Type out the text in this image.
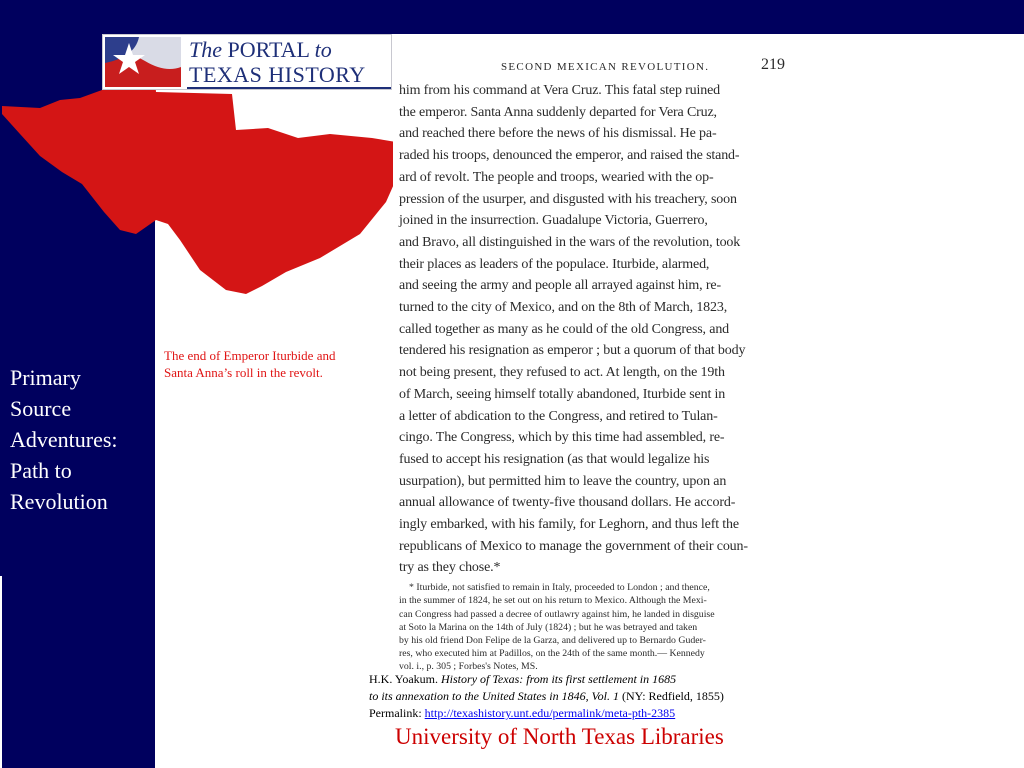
The PORTAL to
TEXAS HISTORY
Primary
Source
Adventures:
Path to
Revolution
The end of Emperor Iturbide and
Santa Anna’s roll in the revolt.
SECOND MEXICAN REVOLUTION.	219
him from his command at Vera Cruz. This fatal step ruined
the emperor. Santa Anna suddenly departed for Vera Cruz,
and reached there before the news of his dismissal. He pa-
raded his troops, denounced the emperor, and raised the stand-
ard of revolt. The people and troops, wearied with the op-
pression of the usurper, and disgusted with his treachery, soon
joined in the insurrection. Guadalupe Victoria, Guerrero,
and Bravo, all distinguished in the wars of the revolution, took
their places as leaders of the populace. Iturbide, alarmed,
and seeing the army and people all arrayed against him, re-
turned to the city of Mexico, and on the 8th of March, 1823,
called together as many as he could of the old Congress, and
tendered his resignation as emperor ; but a quorum of that body
not being present, they refused to act. At length, on the 19th
of March, seeing himself totally abandoned, Iturbide sent in
a letter of abdication to the Congress, and retired to Tulan-
cingo. The Congress, which by this time had assembled, re-
fused to accept his resignation (as that would legalize his
usurpation), but permitted him to leave the country, upon an
annual allowance of twenty-five thousand dollars. He accord-
ingly embarked, with his family, for Leghorn, and thus left the
republicans of Mexico to manage the government of their coun-
try as they chose.*
* Iturbide, not satisfied to remain in Italy, proceeded to London ; and thence,
in the summer of 1824, he set out on his return to Mexico. Although the Mexi-
can Congress had passed a decree of outlawry against him, he landed in disguise
at Soto la Marina on the 14th of July (1824) ; but he was betrayed and taken
by his old friend Don Felipe de la Garza, and delivered up to Bernardo Guder-
res, who executed him at Padillos, on the 24th of the same month.— Kennedy
vol. i., p. 305 ; Forbes's Notes, MS.
H.K. Yoakum. History of Texas: from its first settlement in 1685
to its annexation to the United States in 1846, Vol. 1 (NY: Redfield, 1855)
Permalink: http://texashistory.unt.edu/permalink/meta-pth-2385
University of North Texas Libraries
